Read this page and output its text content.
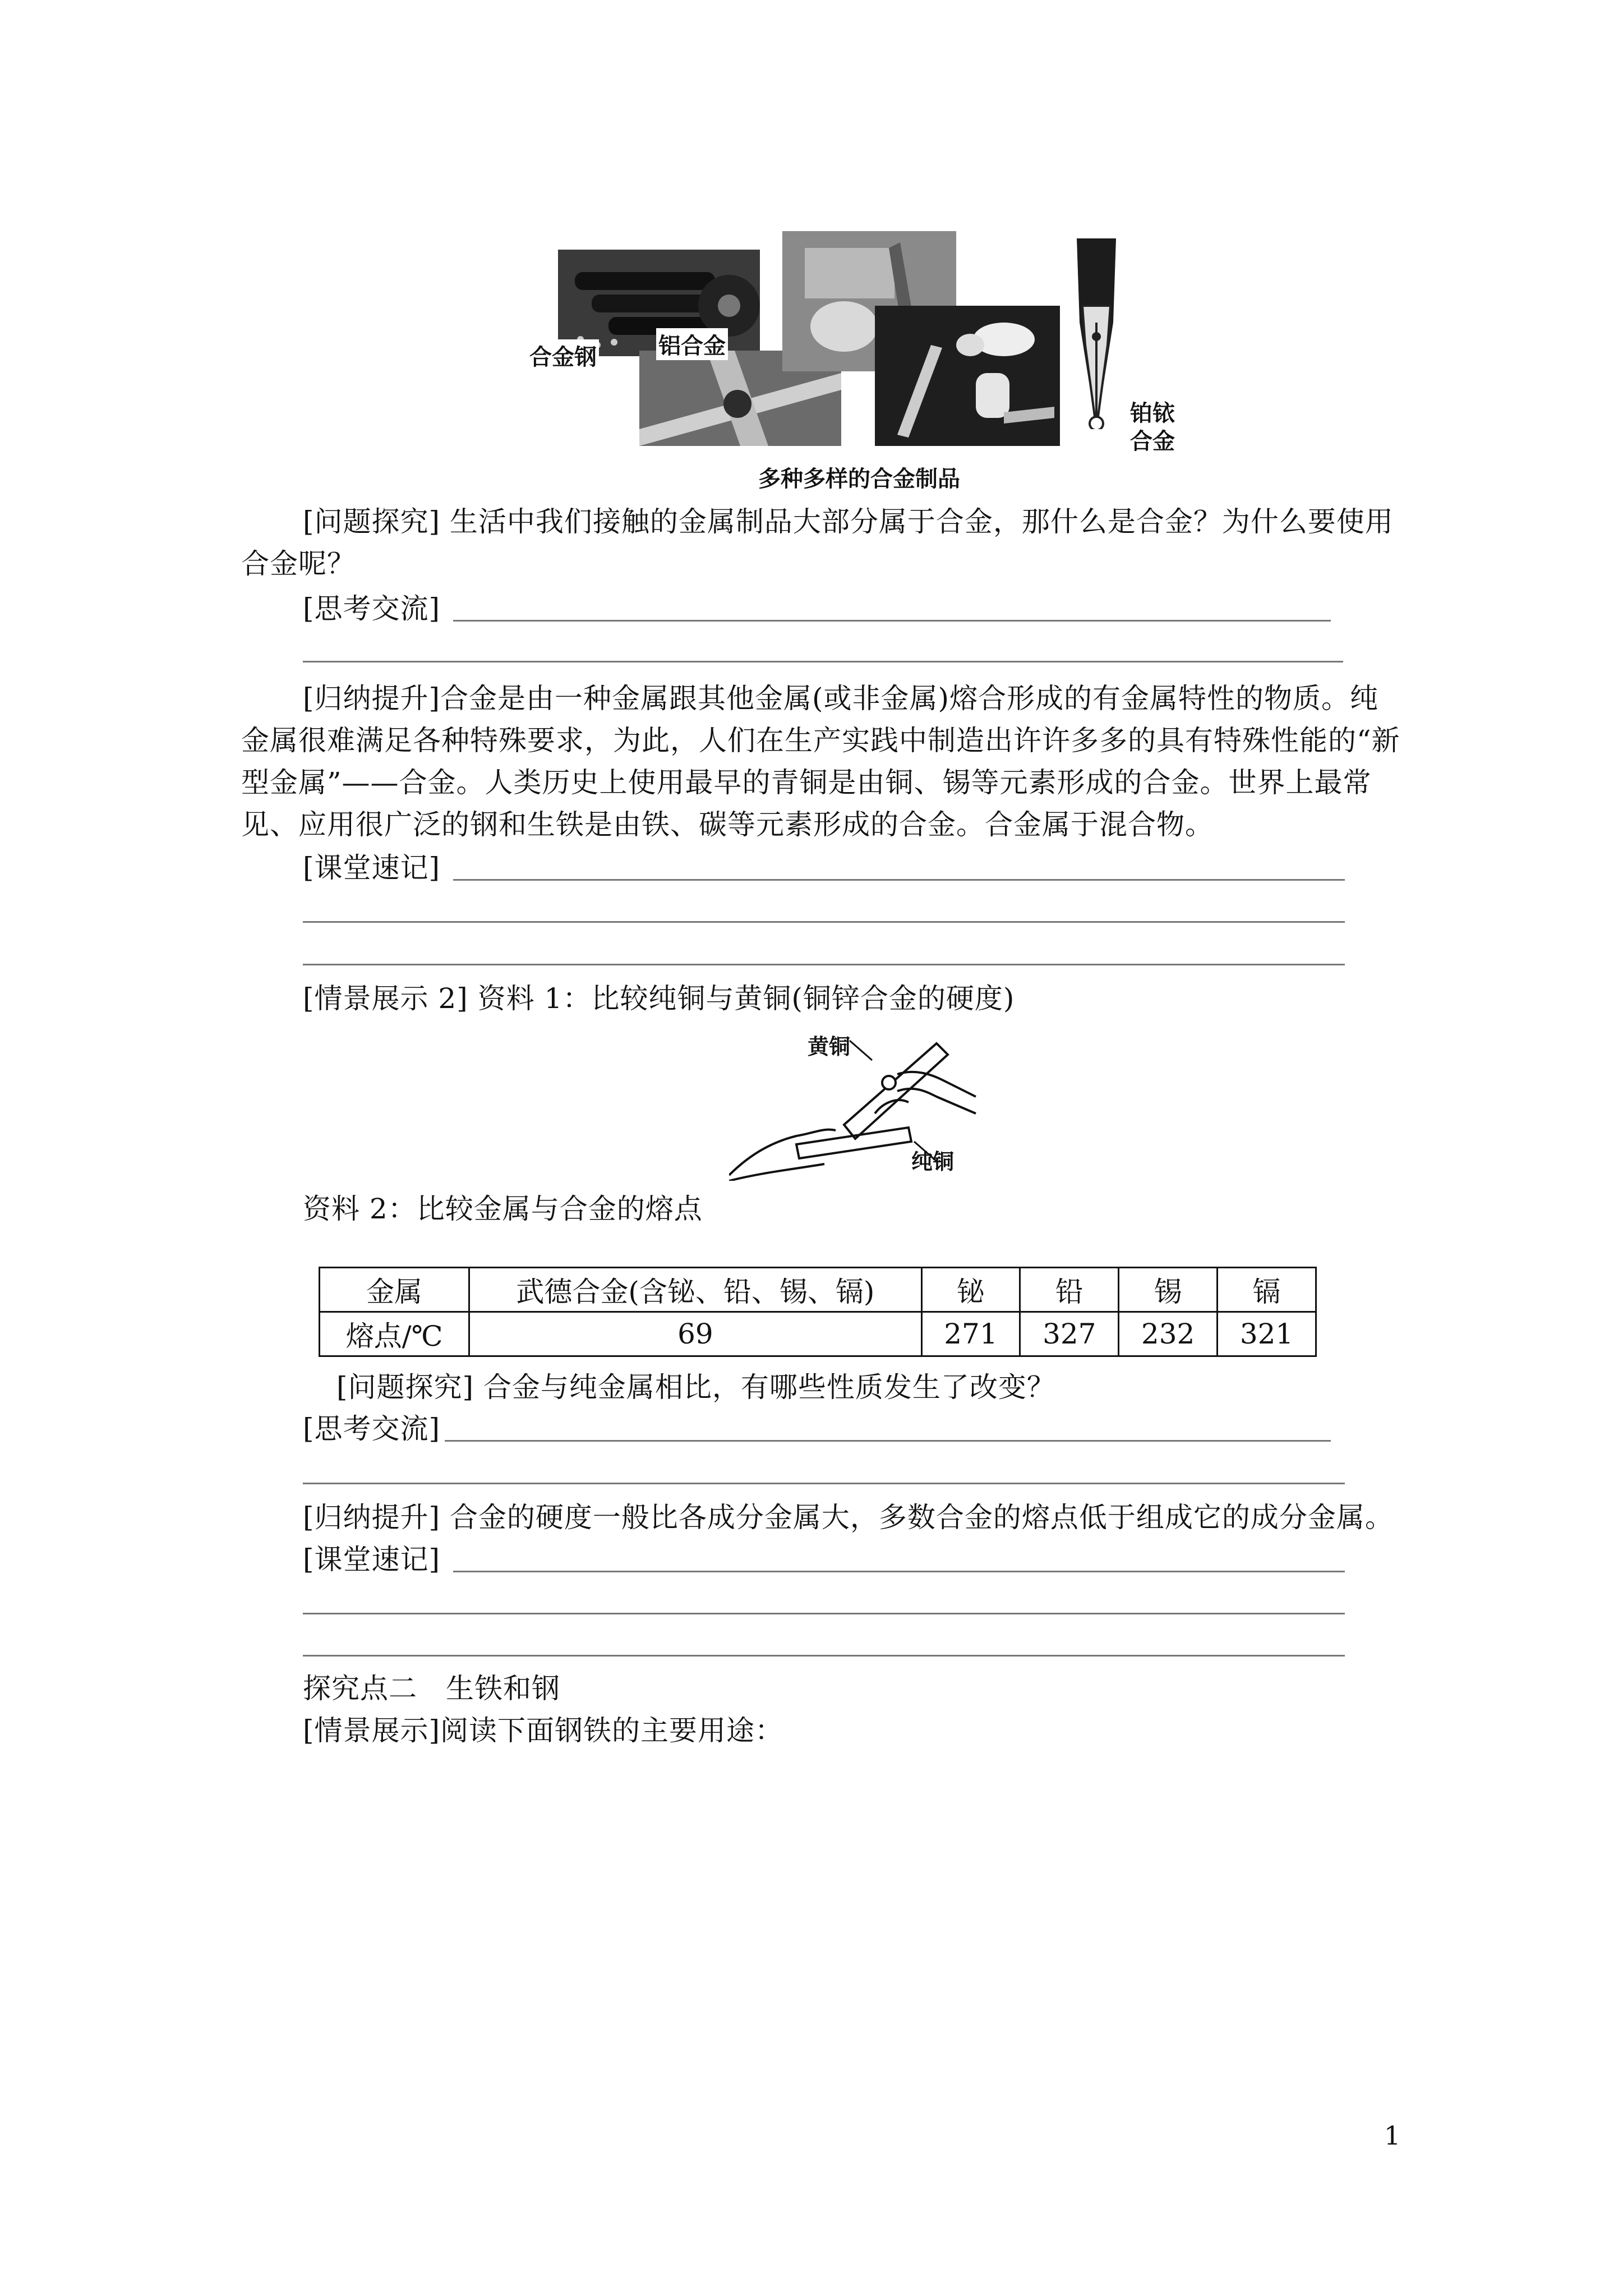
合金钢	铝合金
铂铱
合金
多种多样的合金制品
[问题探究] 生活中我们接触的金属制品大部分属于合金，那什么是合金？为什么要使用
合金呢？
[思考交流]
[归纳提升]合金是由一种金属跟其他金属(或非金属)熔合形成的有金属特性的物质。纯
金属很难满足各种特殊要求，为此，人们在生产实践中制造出许许多多的具有特殊性能的“新
型金属”——合金。人类历史上使用最早的青铜是由铜、锡等元素形成的合金。世界上最常
见、应用很广泛的钢和生铁是由铁、碳等元素形成的合金。合金属于混合物。
[课堂速记]
[情景展示 2] 资料 1：比较纯铜与黄铜(铜锌合金的硬度)
黄铜
纯铜
资料 2：比较金属与合金的熔点
金属	武德合金(含铋、铅、锡、镉)	铋	铅	锡	镉
熔点/℃	69	271	327	232	321
[问题探究] 合金与纯金属相比，有哪些性质发生了改变？
[思考交流]
[归纳提升] 合金的硬度一般比各成分金属大，多数合金的熔点低于组成它的成分金属。
[课堂速记]
探究点二　生铁和钢
[情景展示]阅读下面钢铁的主要用途：
1
